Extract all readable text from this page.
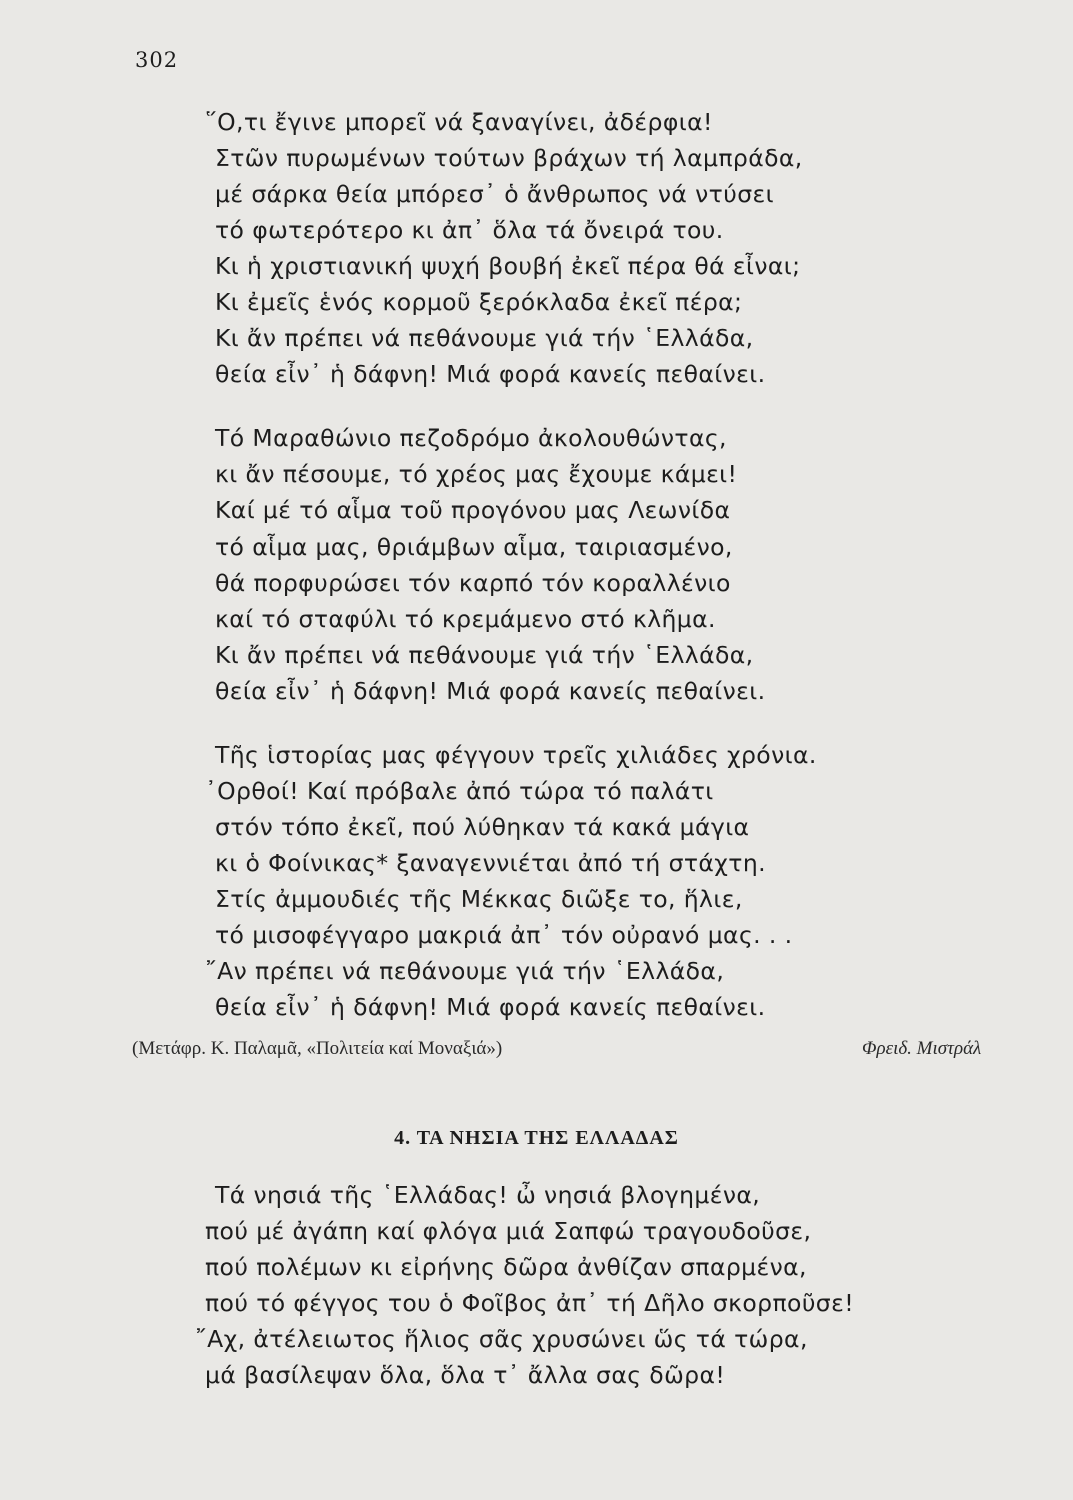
302
῞Ο,τι ἔγινε μπορεῖ νά ξαναγίνει, ἀδέρφια!
Στῶν πυρωμένων τούτων βράχων τή λαμπράδα,
μέ σάρκα θεία μπόρεσ᾽ ὁ ἄνθρωπος νά ντύσει
τό φωτερότερο κι ἀπ᾽ ὅλα τά ὄνειρά του.
Κι ἡ χριστιανική ψυχή βουβή ἐκεῖ πέρα θά εἶναι;
Κι ἐμεῖς ἑνός κορμοῦ ξερόκλαδα ἐκεῖ πέρα;
Κι ἄν πρέπει νά πεθάνουμε γιά τήν ῾Ελλάδα,
θεία εἶν᾽ ἡ δάφνη! Μιά φορά κανείς πεθαίνει.
Τό Μαραθώνιο πεζοδρόμο ἀκολουθώντας,
κι ἄν πέσουμε, τό χρέος μας ἔχουμε κάμει!
Καί μέ τό αἷμα τοῦ προγόνου μας Λεωνίδα
τό αἷμα μας, θριάμβων αἷμα, ταιριασμένο,
θά πορφυρώσει τόν καρπό τόν κοραλλένιο
καί τό σταφύλι τό κρεμάμενο στό κλῆμα.
Κι ἄν πρέπει νά πεθάνουμε γιά τήν ῾Ελλάδα,
θεία εἶν᾽ ἡ δάφνη! Μιά φορά κανείς πεθαίνει.
Τῆς ἱστορίας μας φέγγουν τρεῖς χιλιάδες χρόνια.
᾽Ορθοί! Καί πρόβαλε ἀπό τώρα τό παλάτι
στόν τόπο ἐκεῖ, πού λύθηκαν τά κακά μάγια
κι ὁ Φοίνικας* ξαναγεννιέται ἀπό τή στάχτη.
Στίς ἀμμουδιές τῆς Μέκκας διῶξε το, ἥλιε,
τό μισοφέγγαρο μακριά ἀπ᾽ τόν οὐρανό μας. . .
῎Αν πρέπει νά πεθάνουμε γιά τήν ῾Ελλάδα,
θεία εἶν᾽ ἡ δάφνη! Μιά φορά κανείς πεθαίνει.
(Μετάφρ. Κ. Παλαμᾶ, «Πολιτεία καί Μοναξιά»)	Φρειδ. Μιστράλ
4. ΤΑ ΝΗΣΙΑ ΤΗΣ ΕΛΛΑΔΑΣ
Τά νησιά τῆς ῾Ελλάδας! ὦ νησιά βλογημένα,
πού μέ ἀγάπη καί φλόγα μιά Σαπφώ τραγουδοῦσε,
πού πολέμων κι εἰρήνης δῶρα ἀνθίζαν σπαρμένα,
πού τό φέγγος του ὁ Φοῖβος ἀπ᾽ τή Δῆλο σκορποῦσε!
῎Αχ, ἀτέλειωτος ἥλιος σᾶς χρυσώνει ὥς τά τώρα,
μά βασίλεψαν ὅλα, ὅλα τ᾽ ἄλλα σας δῶρα!
